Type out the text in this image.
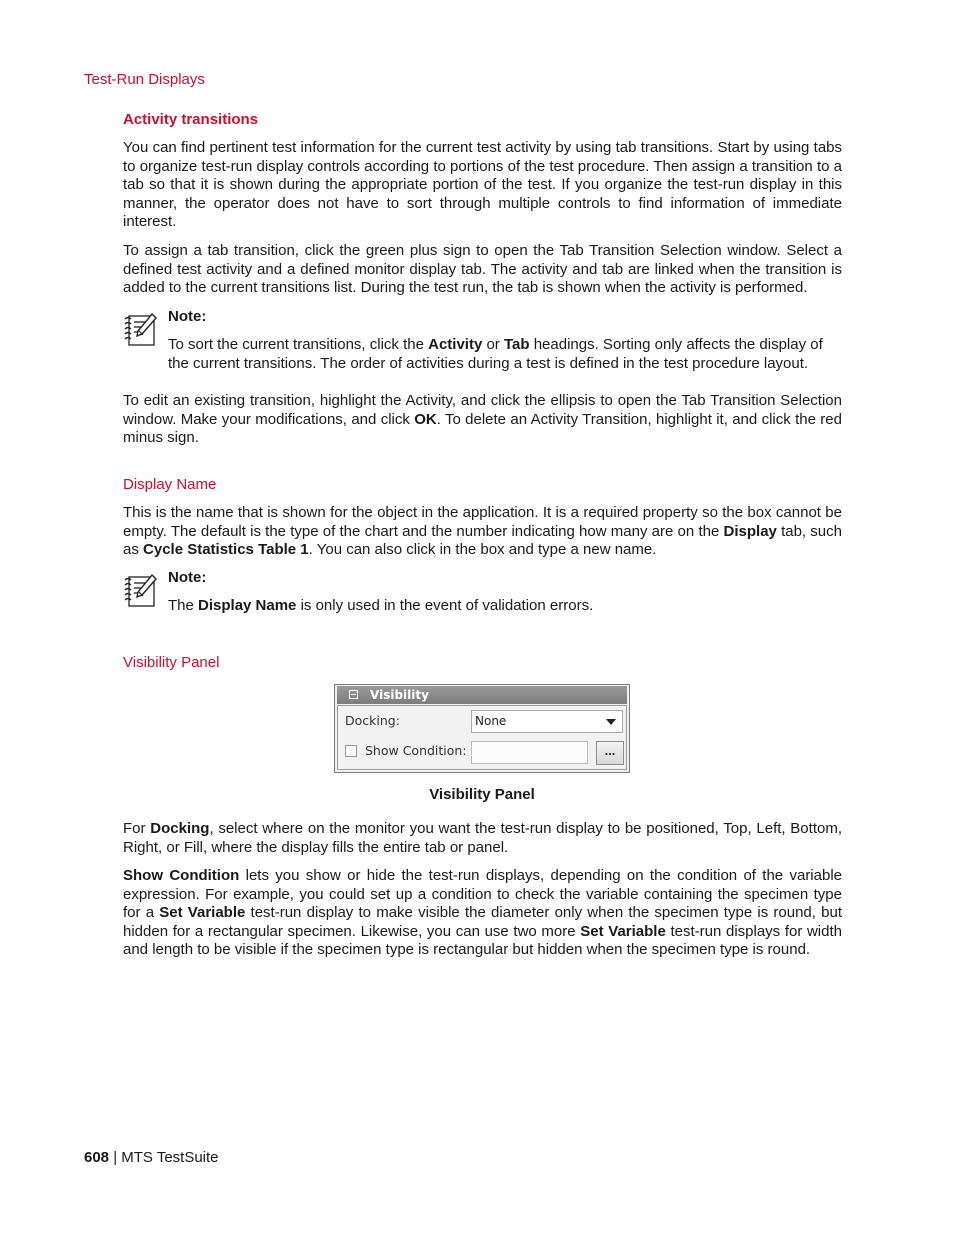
Test-Run Displays
Activity transitions
You can find pertinent test information for the current test activity by using tab transitions. Start by using tabs to organize test-run display controls according to portions of the test procedure. Then assign a transition to a tab so that it is shown during the appropriate portion of the test. If you organize the test-run display in this manner, the operator does not have to sort through multiple controls to find information of immediate interest.
To assign a tab transition, click the green plus sign to open the Tab Transition Selection window. Select a defined test activity and a defined monitor display tab. The activity and tab are linked when the transition is added to the current transitions list. During the test run, the tab is shown when the activity is performed.
Note:
To sort the current transitions, click the Activity or Tab headings. Sorting only affects the display of the current transitions. The order of activities during a test is defined in the test procedure layout.
To edit an existing transition, highlight the Activity, and click the ellipsis to open the Tab Transition Selection window. Make your modifications, and click OK. To delete an Activity Transition, highlight it, and click the red minus sign.
Display Name
This is the name that is shown for the object in the application. It is a required property so the box cannot be empty. The default is the type of the chart and the number indicating how many are on the Display tab, such as Cycle Statistics Table 1. You can also click in the box and type a new name.
Note:
The Display Name is only used in the event of validation errors.
Visibility Panel
Visibility
Docking:	None
Show Condition:	...
Visibility Panel
For Docking, select where on the monitor you want the test-run display to be positioned, Top, Left, Bottom, Right, or Fill, where the display fills the entire tab or panel.
Show Condition lets you show or hide the test-run displays, depending on the condition of the variable expression. For example, you could set up a condition to check the variable containing the specimen type for a Set Variable test-run display to make visible the diameter only when the specimen type is round, but hidden for a rectangular specimen. Likewise, you can use two more Set Variable test-run displays for width and length to be visible if the specimen type is rectangular but hidden when the specimen type is round.
608 | MTS TestSuite
